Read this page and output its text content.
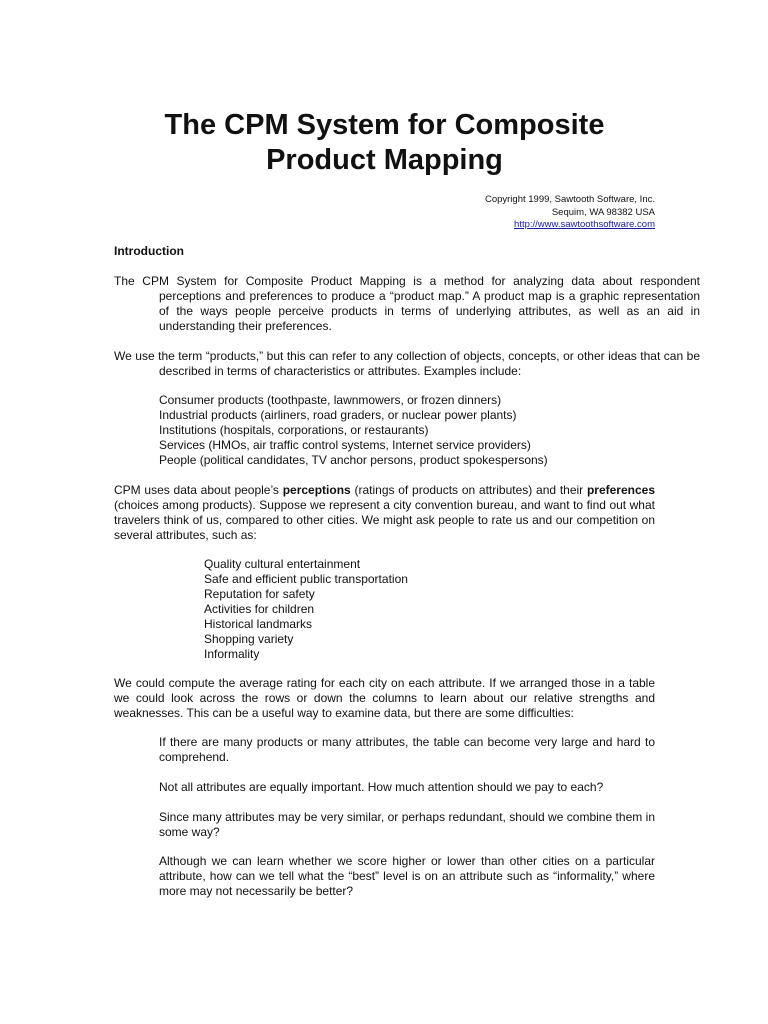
The CPM System for Composite
Product Mapping
Copyright 1999, Sawtooth Software, Inc.
Sequim, WA 98382 USA
http://www.sawtoothsoftware.com
Introduction
The CPM System for Composite Product Mapping is a method for analyzing data about respondent perceptions and preferences to produce a “product map.” A product map is a graphic representation of the ways people perceive products in terms of underlying attributes, as well as an aid in understanding their preferences.
We use the term “products,” but this can refer to any collection of objects, concepts, or other ideas that can be described in terms of characteristics or attributes. Examples include:
Consumer products (toothpaste, lawnmowers, or frozen dinners)
Industrial products (airliners, road graders, or nuclear power plants)
Institutions (hospitals, corporations, or restaurants)
Services (HMOs, air traffic control systems, Internet service providers)
People (political candidates, TV anchor persons, product spokespersons)
CPM uses data about people’s perceptions (ratings of products on attributes) and their preferences (choices among products). Suppose we represent a city convention bureau, and want to find out what travelers think of us, compared to other cities. We might ask people to rate us and our competition on several attributes, such as:
Quality cultural entertainment
Safe and efficient public transportation
Reputation for safety
Activities for children
Historical landmarks
Shopping variety
Informality
We could compute the average rating for each city on each attribute. If we arranged those in a table we could look across the rows or down the columns to learn about our relative strengths and weaknesses. This can be a useful way to examine data, but there are some difficulties:
If there are many products or many attributes, the table can become very large and hard to comprehend.
Not all attributes are equally important. How much attention should we pay to each?
Since many attributes may be very similar, or perhaps redundant, should we combine them in some way?
Although we can learn whether we score higher or lower than other cities on a particular attribute, how can we tell what the “best” level is on an attribute such as “informality,” where more may not necessarily be better?
